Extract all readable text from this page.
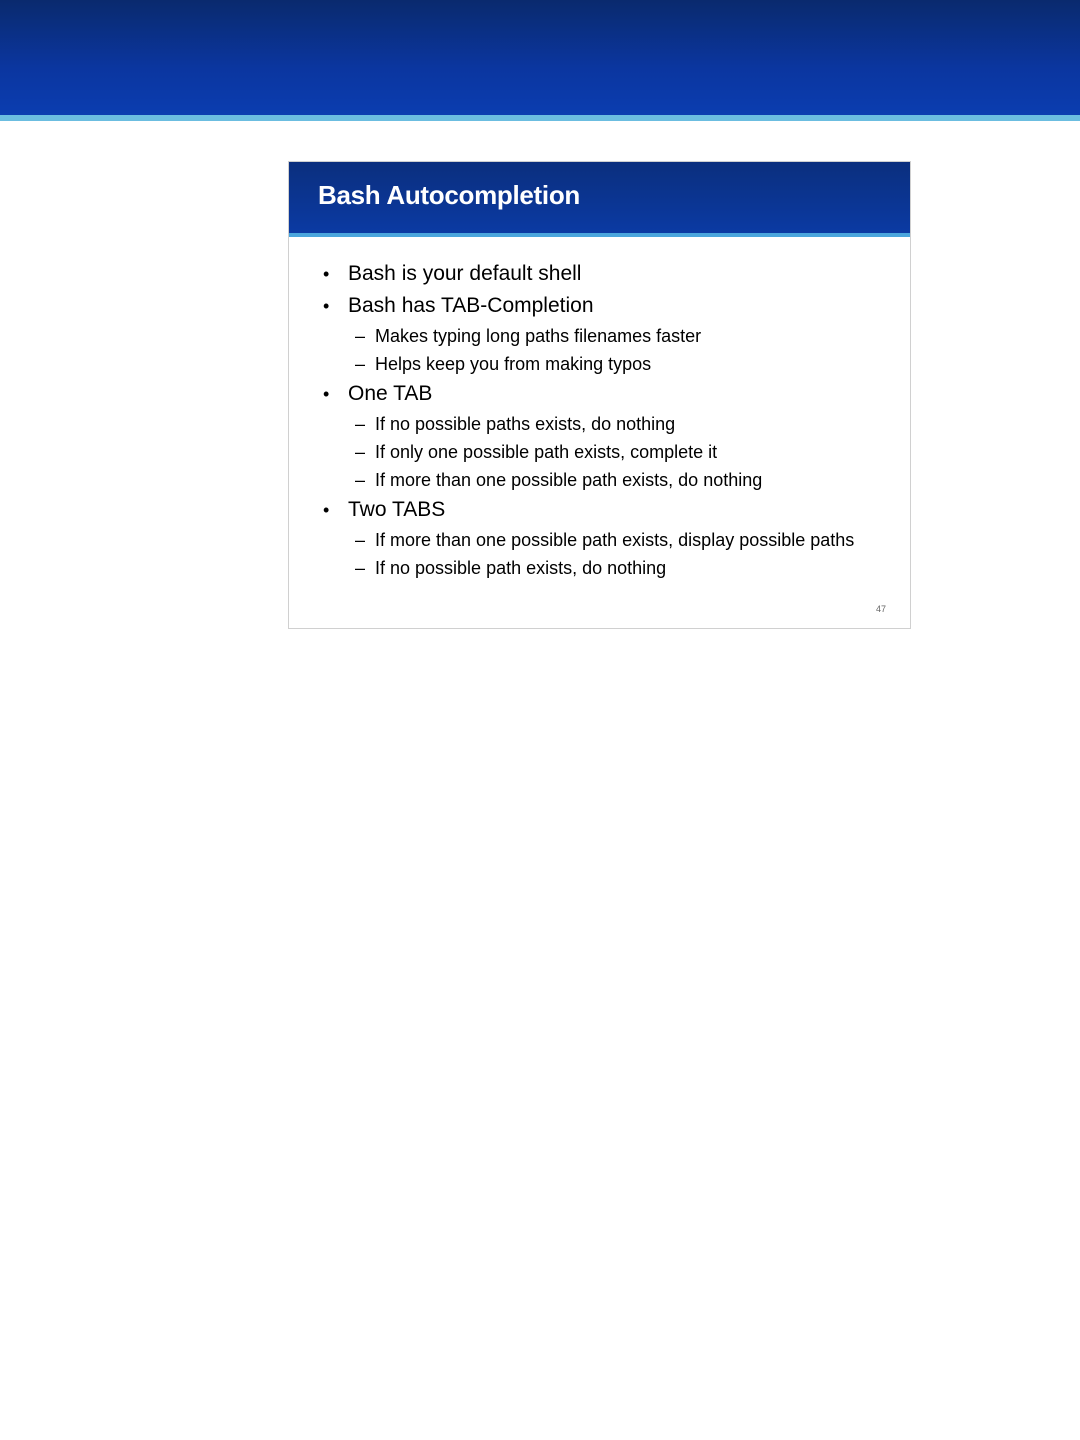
Bash Autocompletion
• Bash is your default shell
• Bash has TAB-Completion
– Makes typing long paths filenames faster
– Helps keep you from making typos
• One TAB
– If no possible paths exists, do nothing
– If only one possible path exists, complete it
– If more than one possible path exists, do nothing
• Two TABS
– If more than one possible path exists, display possible paths
– If no possible path exists, do nothing
47
